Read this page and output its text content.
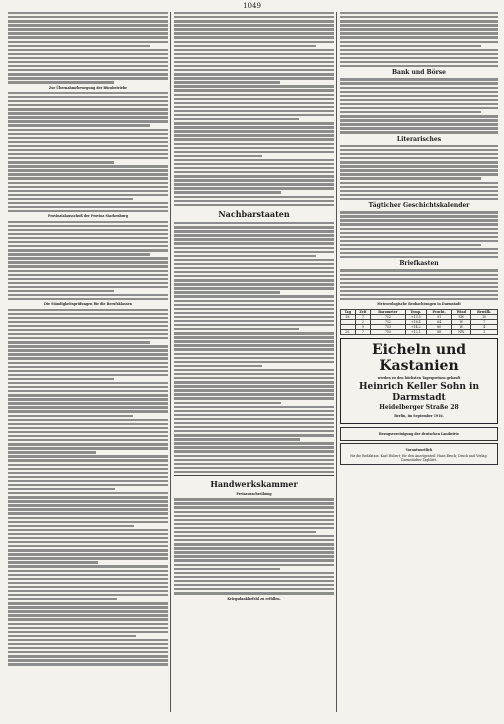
1049
Zur Übernahmebewegung der Bürobetriebe
Provinzialausschuß der Provinz Starkenburg
Die Ständigkeitsprüfungen für die Berufsklassen
Nachbarstaaten
Handwerkskammer
Preisausschreibung
Kriegsdankbefehl zu erfüllen.
Bank und Börse
Literarisches
Tägticher Geschichtskalender
Briefkasten
Meteorologische Beobachtungen in Darmstadt
Tag	Zeit	Barometer	Temp.	Feucht.	Wind	Bewölk.
19.	7	752	+13,5	91	SW	10
	2	752	+18,4	64	W	7
	9	753	+14,2	80	W	4
20.	7	755	+12,1	88	NW	3
Eicheln und Kastanien
werden zu den höchsten Tagespreisen gekauft
Heinrich Keller Sohn in Darmstadt
Heidelberger Straße 28
Berlin, im September 1916.
Bezugsvereinigung der deutschen Landwirte
Vorantwortlich
für die Redaktion: Karl Hubert; für den Anzeigenteil: Hans Brock; Druck und Verlag: Darmstädter Tagblatt.
